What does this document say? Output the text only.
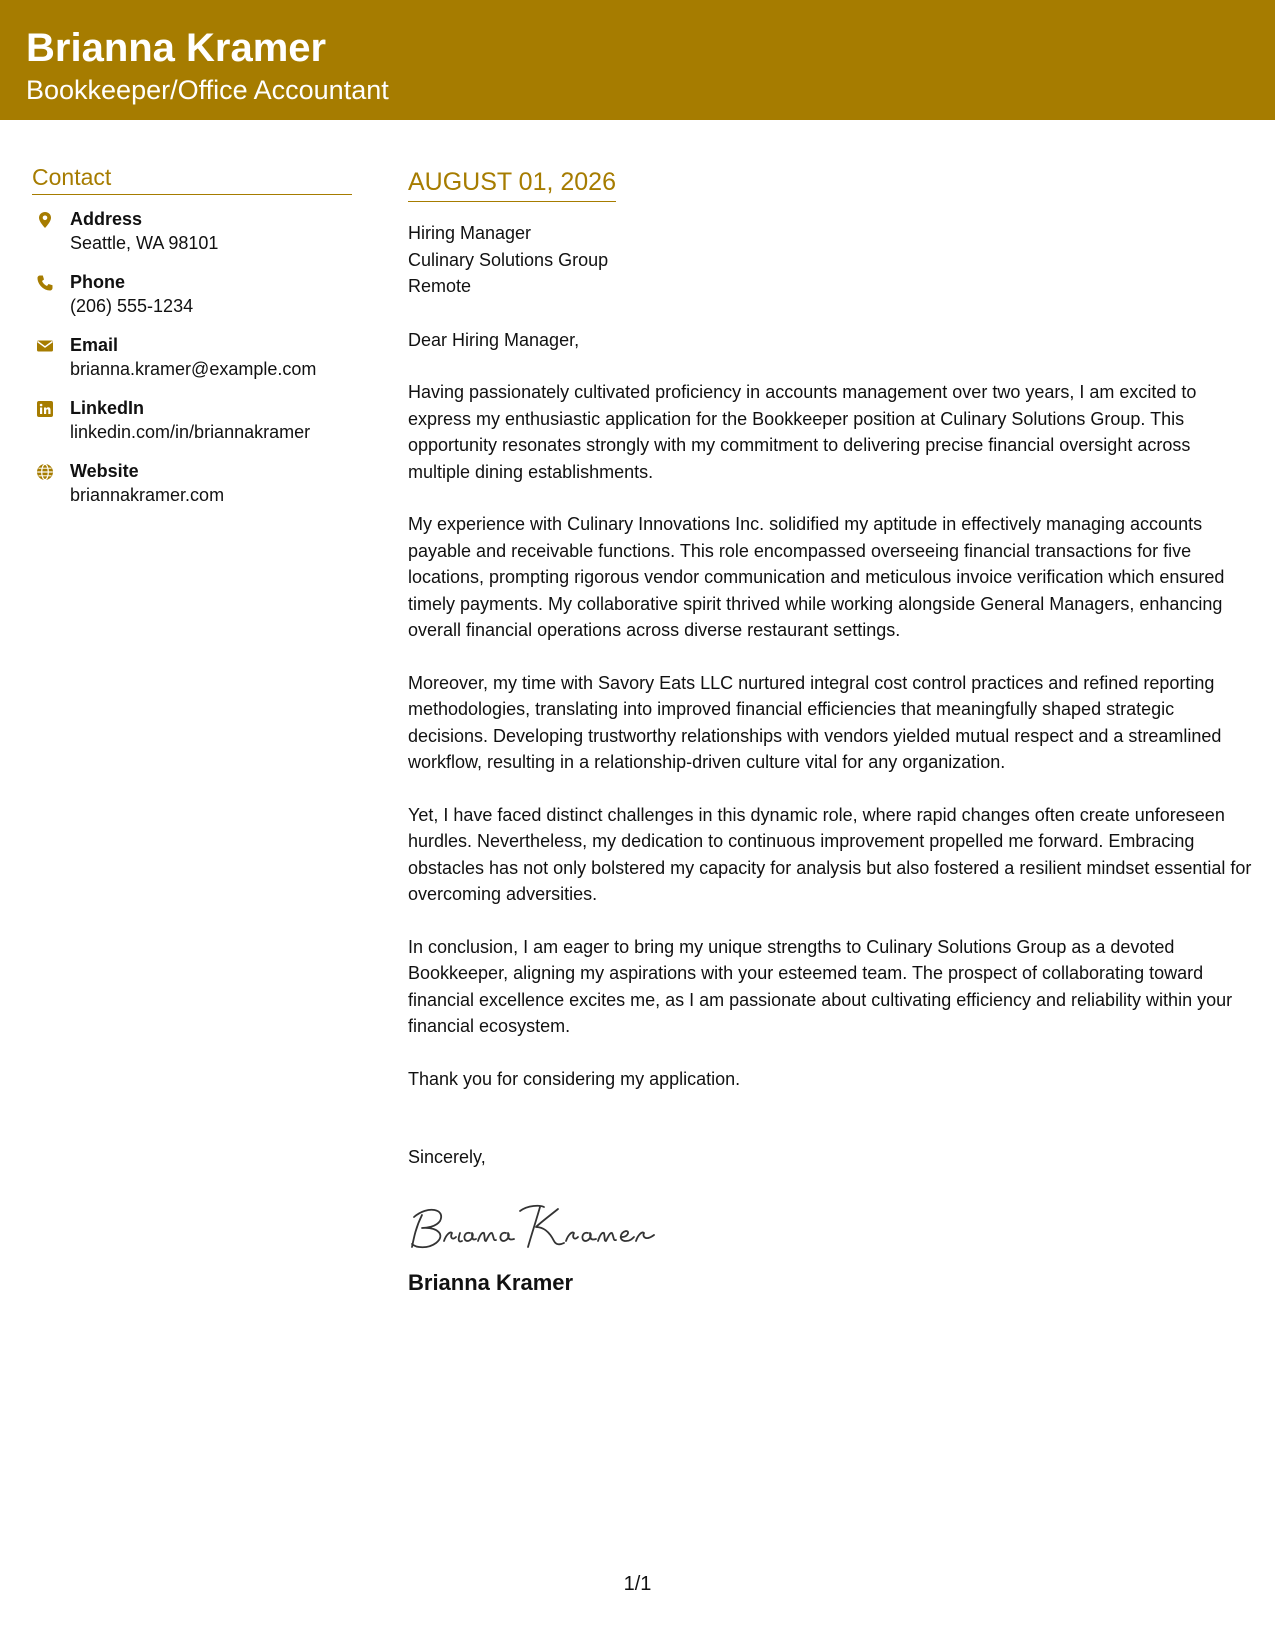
Brianna Kramer
Bookkeeper/Office Accountant
Contact
Address
Seattle, WA 98101
Phone
(206) 555-1234
Email
brianna.kramer@example.com
LinkedIn
linkedin.com/in/briannakramer
Website
briannakramer.com
AUGUST 01, 2026
Hiring Manager
Culinary Solutions Group
Remote
Dear Hiring Manager,
Having passionately cultivated proficiency in accounts management over two years, I am excited to express my enthusiastic application for the Bookkeeper position at Culinary Solutions Group. This opportunity resonates strongly with my commitment to delivering precise financial oversight across multiple dining establishments.
My experience with Culinary Innovations Inc. solidified my aptitude in effectively managing accounts payable and receivable functions. This role encompassed overseeing financial transactions for five locations, prompting rigorous vendor communication and meticulous invoice verification which ensured timely payments. My collaborative spirit thrived while working alongside General Managers, enhancing overall financial operations across diverse restaurant settings.
Moreover, my time with Savory Eats LLC nurtured integral cost control practices and refined reporting methodologies, translating into improved financial efficiencies that meaningfully shaped strategic decisions. Developing trustworthy relationships with vendors yielded mutual respect and a streamlined workflow, resulting in a relationship-driven culture vital for any organization.
Yet, I have faced distinct challenges in this dynamic role, where rapid changes often create unforeseen hurdles. Nevertheless, my dedication to continuous improvement propelled me forward. Embracing obstacles has not only bolstered my capacity for analysis but also fostered a resilient mindset essential for overcoming adversities.
In conclusion, I am eager to bring my unique strengths to Culinary Solutions Group as a devoted Bookkeeper, aligning my aspirations with your esteemed team. The prospect of collaborating toward financial excellence excites me, as I am passionate about cultivating efficiency and reliability within your financial ecosystem.
Thank you for considering my application.
Sincerely,
Brianna Kramer
1/1
